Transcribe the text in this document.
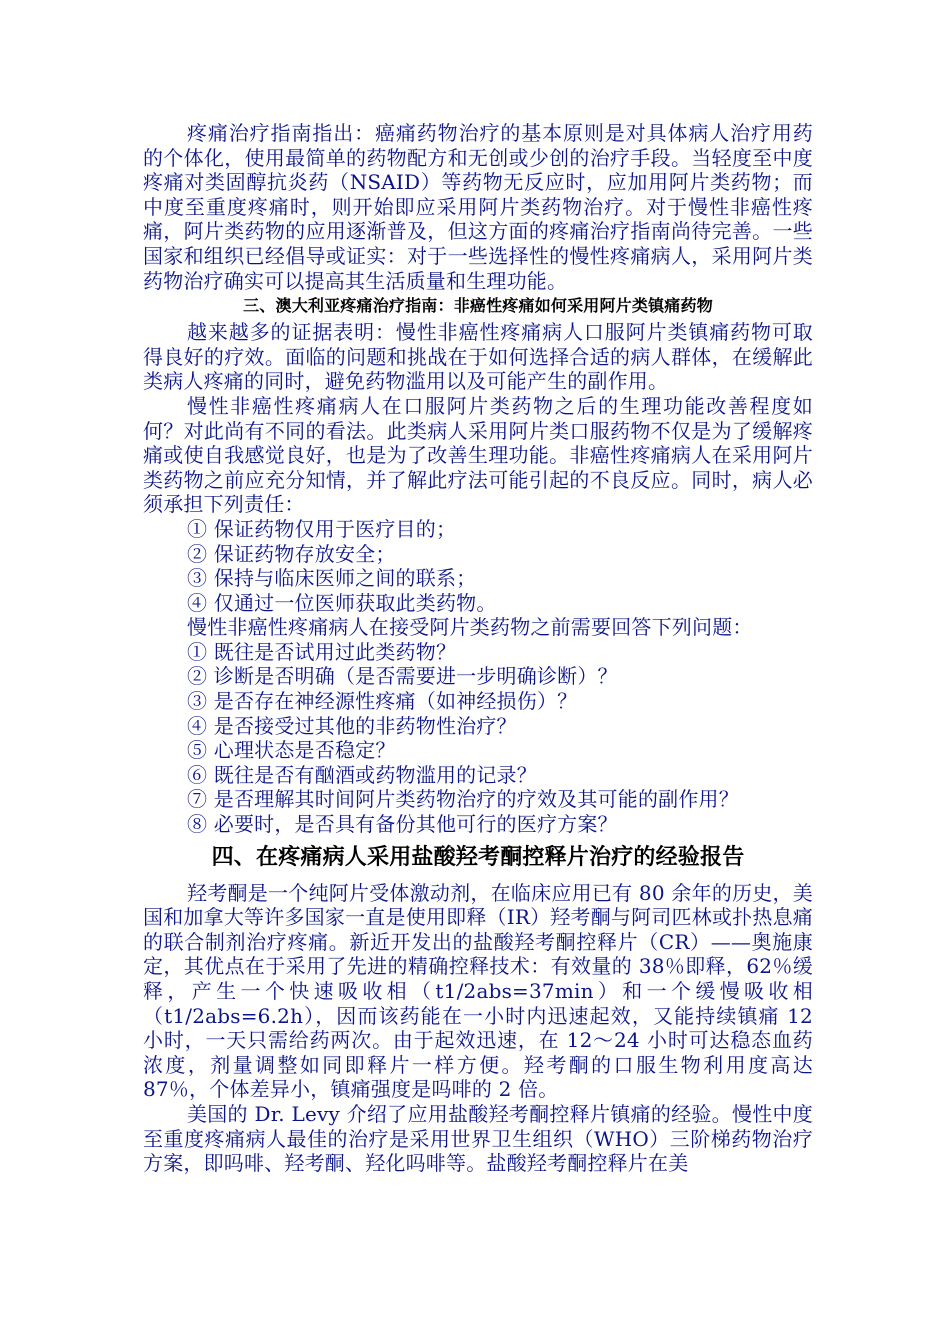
疼痛治疗指南指出：癌痛药物治疗的基本原则是对具体病人治疗用药的个体化，使用最简单的药物配方和无创或少创的治疗手段。当轻度至中度疼痛对类固醇抗炎药（NSAID）等药物无反应时，应加用阿片类药物；而中度至重度疼痛时，则开始即应采用阿片类药物治疗。对于慢性非癌性疼痛，阿片类药物的应用逐渐普及，但这方面的疼痛治疗指南尚待完善。一些国家和组织已经倡导或证实：对于一些选择性的慢性疼痛病人，采用阿片类药物治疗确实可以提高其生活质量和生理功能。

三、澳大利亚疼痛治疗指南：非癌性疼痛如何采用阿片类镇痛药物

越来越多的证据表明：慢性非癌性疼痛病人口服阿片类镇痛药物可取得良好的疗效。面临的问题和挑战在于如何选择合适的病人群体，在缓解此类病人疼痛的同时，避免药物滥用以及可能产生的副作用。

慢性非癌性疼痛病人在口服阿片类药物之后的生理功能改善程度如何？对此尚有不同的看法。此类病人采用阿片类口服药物不仅是为了缓解疼痛或使自我感觉良好，也是为了改善生理功能。非癌性疼痛病人在采用阿片类药物之前应充分知情，并了解此疗法可能引起的不良反应。同时，病人必须承担下列责任：

① 保证药物仅用于医疗目的；

② 保证药物存放安全；

③ 保持与临床医师之间的联系；

④ 仅通过一位医师获取此类药物。

慢性非癌性疼痛病人在接受阿片类药物之前需要回答下列问题：

① 既往是否试用过此类药物？

② 诊断是否明确（是否需要进一步明确诊断）？

③ 是否存在神经源性疼痛（如神经损伤）？

④ 是否接受过其他的非药物性治疗？

⑤ 心理状态是否稳定？

⑥ 既往是否有酗酒或药物滥用的记录？

⑦ 是否理解其时间阿片类药物治疗的疗效及其可能的副作用？

⑧ 必要时，是否具有备份其他可行的医疗方案？

四、在疼痛病人采用盐酸羟考酮控释片治疗的经验报告

羟考酮是一个纯阿片受体激动剂，在临床应用已有 80 余年的历史，美国和加拿大等许多国家一直是使用即释（IR）羟考酮与阿司匹林或扑热息痛的联合制剂治疗疼痛。新近开发出的盐酸羟考酮控释片（CR）——奥施康定，其优点在于采用了先进的精确控释技术：有效量的 38％即释，62％缓释，产生一个快速吸收相（t1/2abs=37min）和一个缓慢吸收相（t1/2abs=6.2h），因而该药能在一小时内迅速起效，又能持续镇痛 12 小时，一天只需给药两次。由于起效迅速，在 12～24 小时可达稳态血药浓度，剂量调整如同即释片一样方便。羟考酮的口服生物利用度高达 87％，个体差异小，镇痛强度是吗啡的 2 倍。

美国的 Dr. Levy 介绍了应用盐酸羟考酮控释片镇痛的经验。慢性中度至重度疼痛病人最佳的治疗是采用世界卫生组织（WHO）三阶梯药物治疗方案，即吗啡、羟考酮、羟化吗啡等。盐酸羟考酮控释片在美
